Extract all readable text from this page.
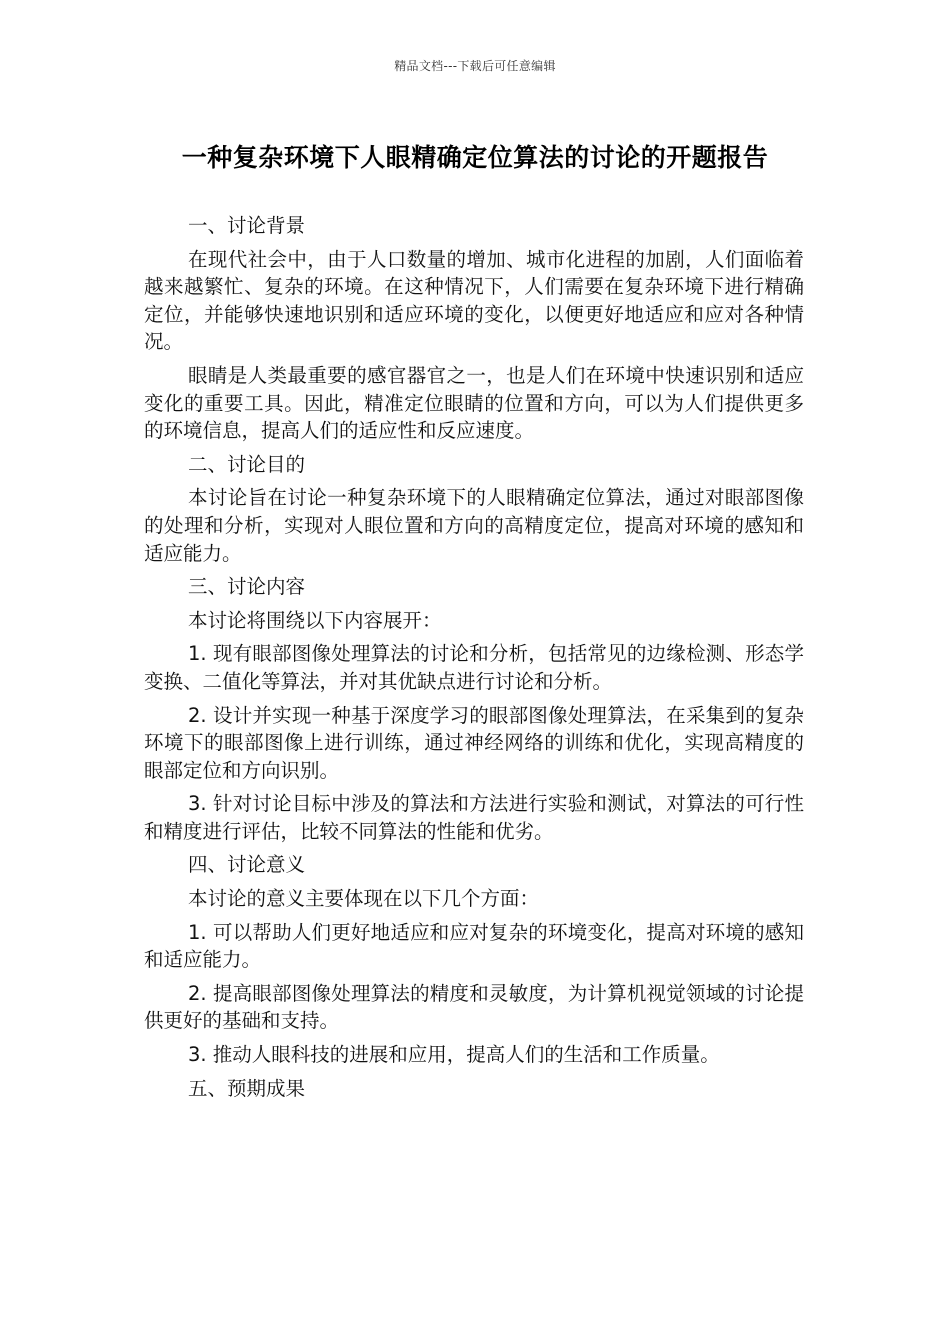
精品文档---下载后可任意编辑
一种复杂环境下人眼精确定位算法的讨论的开题报告

一、讨论背景

在现代社会中，由于人口数量的增加、城市化进程的加剧，人们面临着越来越繁忙、复杂的环境。在这种情况下，人们需要在复杂环境下进行精确定位，并能够快速地识别和适应环境的变化，以便更好地适应和应对各种情况。

眼睛是人类最重要的感官器官之一，也是人们在环境中快速识别和适应变化的重要工具。因此，精准定位眼睛的位置和方向，可以为人们提供更多的环境信息，提高人们的适应性和反应速度。

二、讨论目的

本讨论旨在讨论一种复杂环境下的人眼精确定位算法，通过对眼部图像的处理和分析，实现对人眼位置和方向的高精度定位，提高对环境的感知和适应能力。

三、讨论内容

本讨论将围绕以下内容展开：

1. 现有眼部图像处理算法的讨论和分析，包括常见的边缘检测、形态学变换、二值化等算法，并对其优缺点进行讨论和分析。

2. 设计并实现一种基于深度学习的眼部图像处理算法，在采集到的复杂环境下的眼部图像上进行训练，通过神经网络的训练和优化，实现高精度的眼部定位和方向识别。

3. 针对讨论目标中涉及的算法和方法进行实验和测试，对算法的可行性和精度进行评估，比较不同算法的性能和优劣。

四、讨论意义

本讨论的意义主要体现在以下几个方面：

1. 可以帮助人们更好地适应和应对复杂的环境变化，提高对环境的感知和适应能力。

2. 提高眼部图像处理算法的精度和灵敏度，为计算机视觉领域的讨论提供更好的基础和支持。

3. 推动人眼科技的进展和应用，提高人们的生活和工作质量。

五、预期成果
